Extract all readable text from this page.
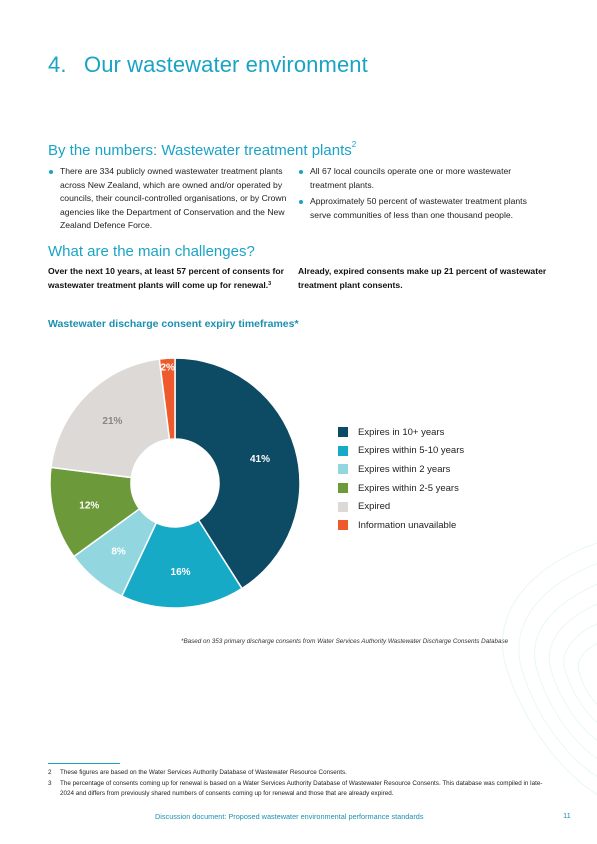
4. Our wastewater environment
By the numbers: Wastewater treatment plants$^2$
There are 334 publicly owned wastewater treatment plants across New Zealand, which are owned and/or operated by councils, their council-controlled organisations, or by Crown agencies like the Department of Conservation and the New Zealand Defence Force.
All 67 local councils operate one or more wastewater treatment plants.
Approximately 50 percent of wastewater treatment plants serve communities of less than one thousand people.
What are the main challenges?
Over the next 10 years, at least 57 percent of consents for wastewater treatment plants will come up for renewal.$^3$
Already, expired consents make up 21 percent of wastewater treatment plant consents.
Wastewater discharge consent expiry timeframes*
41%
16%
8%
12%
21%
2%
Expires in 10+ years
Expires within 5-10 years
Expires within 2 years
Expires within 2-5 years
Expired
Information unavailable
*Based on 353 primary discharge consents from Water Services Authority Wastewater Discharge Consents Database
2 These figures are based on the Water Services Authority Database of Wastewater Resource Consents.
3 The percentage of consents coming up for renewal is based on a Water Services Authority Database of Wastewater Resource Consents. This database was compiled in late-2024 and differs from previously shared numbers of consents coming up for renewal and those that are already expired.
Discussion document: Proposed wastewater environmental performance standards	11
